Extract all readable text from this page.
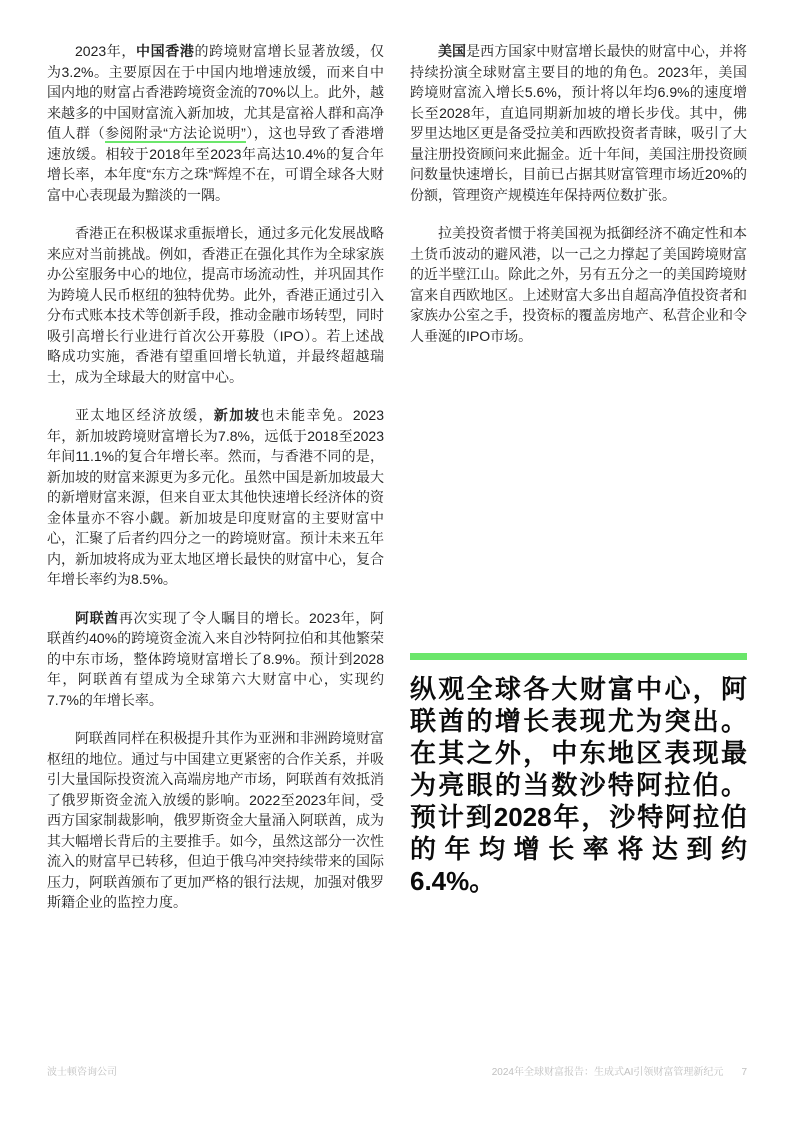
2023年，中国香港的跨境财富增长显著放缓，仅为3.2%。主要原因在于中国内地增速放缓，而来自中国内地的财富占香港跨境资金流的70%以上。此外，越来越多的中国财富流入新加坡，尤其是富裕人群和高净值人群（参阅附录“方法论说明”），这也导致了香港增速放缓。相较于2018年至2023年高达10.4%的复合年增长率，本年度“东方之珠”辉煌不在，可谓全球各大财富中心表现最为黯淡的一隅。

香港正在积极谋求重振增长，通过多元化发展战略来应对当前挑战。例如，香港正在强化其作为全球家族办公室服务中心的地位，提高市场流动性，并巩固其作为跨境人民币枢纽的独特优势。此外，香港正通过引入分布式账本技术等创新手段，推动金融市场转型，同时吸引高增长行业进行首次公开募股（IPO）。若上述战略成功实施，香港有望重回增长轨道，并最终超越瑞士，成为全球最大的财富中心。

亚太地区经济放缓，新加坡也未能幸免。2023年，新加坡跨境财富增长为7.8%，远低于2018至2023年间11.1%的复合年增长率。然而，与香港不同的是，新加坡的财富来源更为多元化。虽然中国是新加坡最大的新增财富来源，但来自亚太其他快速增长经济体的资金体量亦不容小觑。新加坡是印度财富的主要财富中心，汇聚了后者约四分之一的跨境财富。预计未来五年内，新加坡将成为亚太地区增长最快的财富中心，复合年增长率约为8.5%。

阿联酋再次实现了令人瞩目的增长。2023年，阿联酋约40%的跨境资金流入来自沙特阿拉伯和其他繁荣的中东市场，整体跨境财富增长了8.9%。预计到2028年，阿联酋有望成为全球第六大财富中心，实现约7.7%的年增长率。

阿联酋同样在积极提升其作为亚洲和非洲跨境财富枢纽的地位。通过与中国建立更紧密的合作关系，并吸引大量国际投资流入高端房地产市场，阿联酋有效抵消了俄罗斯资金流入放缓的影响。2022至2023年间，受西方国家制裁影响，俄罗斯资金大量涌入阿联酋，成为其大幅增长背后的主要推手。如今，虽然这部分一次性流入的财富早已转移，但迫于俄乌冲突持续带来的国际压力，阿联酋颁布了更加严格的银行法规，加强对俄罗斯籍企业的监控力度。

美国是西方国家中财富增长最快的财富中心，并将持续扮演全球财富主要目的地的角色。2023年，美国跨境财富流入增长5.6%，预计将以年均6.9%的速度增长至2028年，直追同期新加坡的增长步伐。其中，佛罗里达地区更是备受拉美和西欧投资者青睐，吸引了大量注册投资顾问来此掘金。近十年间，美国注册投资顾问数量快速增长，目前已占据其财富管理市场近20%的份额，管理资产规模连年保持两位数扩张。

拉美投资者惯于将美国视为抵御经济不确定性和本土货币波动的避风港，以一己之力撑起了美国跨境财富的近半壁江山。除此之外，另有五分之一的美国跨境财富来自西欧地区。上述财富大多出自超高净值投资者和家族办公室之手，投资标的覆盖房地产、私营企业和令人垂涎的IPO市场。

纵观全球各大财富中心，阿联酋的增长表现尤为突出。在其之外，中东地区表现最为亮眼的当数沙特阿拉伯。预计到2028年，沙特阿拉伯的年均增长率将达到约6.4%。
波士顿咨询公司	2024年全球财富报告：生成式AI引领财富管理新纪元 7
